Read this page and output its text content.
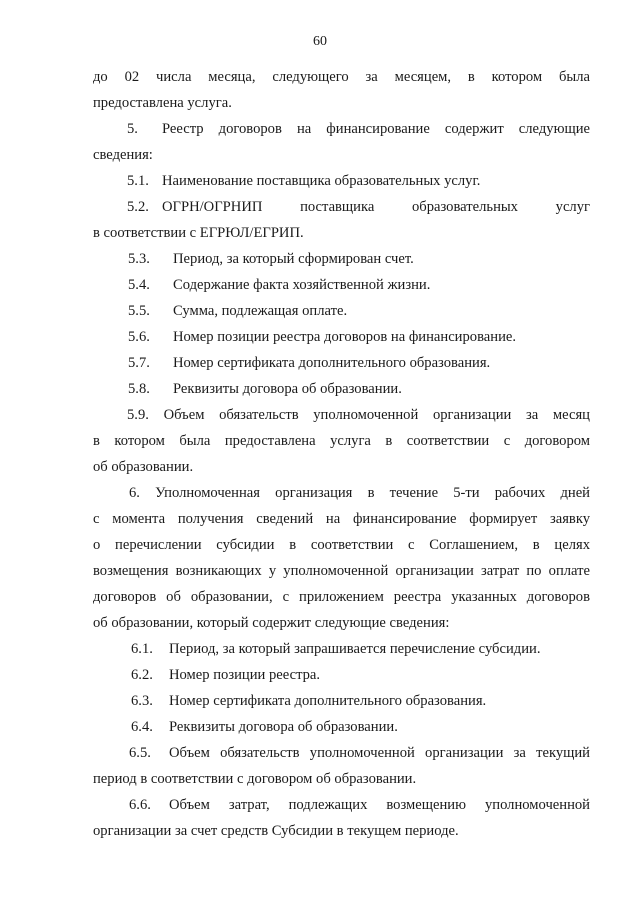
60
до 02 числа месяца, следующего за месяцем, в котором была
предоставлена услуга.
5. Реестр договоров на финансирование содержит следующие
сведения:
5.1. Наименование поставщика образовательных услуг.
5.2. ОГРН/ОГРНИП поставщика образовательных услуг
в соответствии с ЕГРЮЛ/ЕГРИП.
5.3. Период, за который сформирован счет.
5.4. Содержание факта хозяйственной жизни.
5.5. Сумма, подлежащая оплате.
5.6. Номер позиции реестра договоров на финансирование.
5.7. Номер сертификата дополнительного образования.
5.8. Реквизиты договора об образовании.
5.9. Объем обязательств уполномоченной организации за месяц
в котором была предоставлена услуга в соответствии с договором
об образовании.
6. Уполномоченная организация в течение 5-ти рабочих дней
с момента получения сведений на финансирование формирует заявку
о перечислении субсидии в соответствии с Соглашением, в целях
возмещения возникающих у уполномоченной организации затрат по оплате
договоров об образовании, с приложением реестра указанных договоров
об образовании, который содержит следующие сведения:
6.1. Период, за который запрашивается перечисление субсидии.
6.2. Номер позиции реестра.
6.3. Номер сертификата дополнительного образования.
6.4. Реквизиты договора об образовании.
6.5. Объем обязательств уполномоченной организации за текущий
период в соответствии с договором об образовании.
6.6. Объем затрат, подлежащих возмещению уполномоченной
организации за счет средств Субсидии в текущем периоде.
